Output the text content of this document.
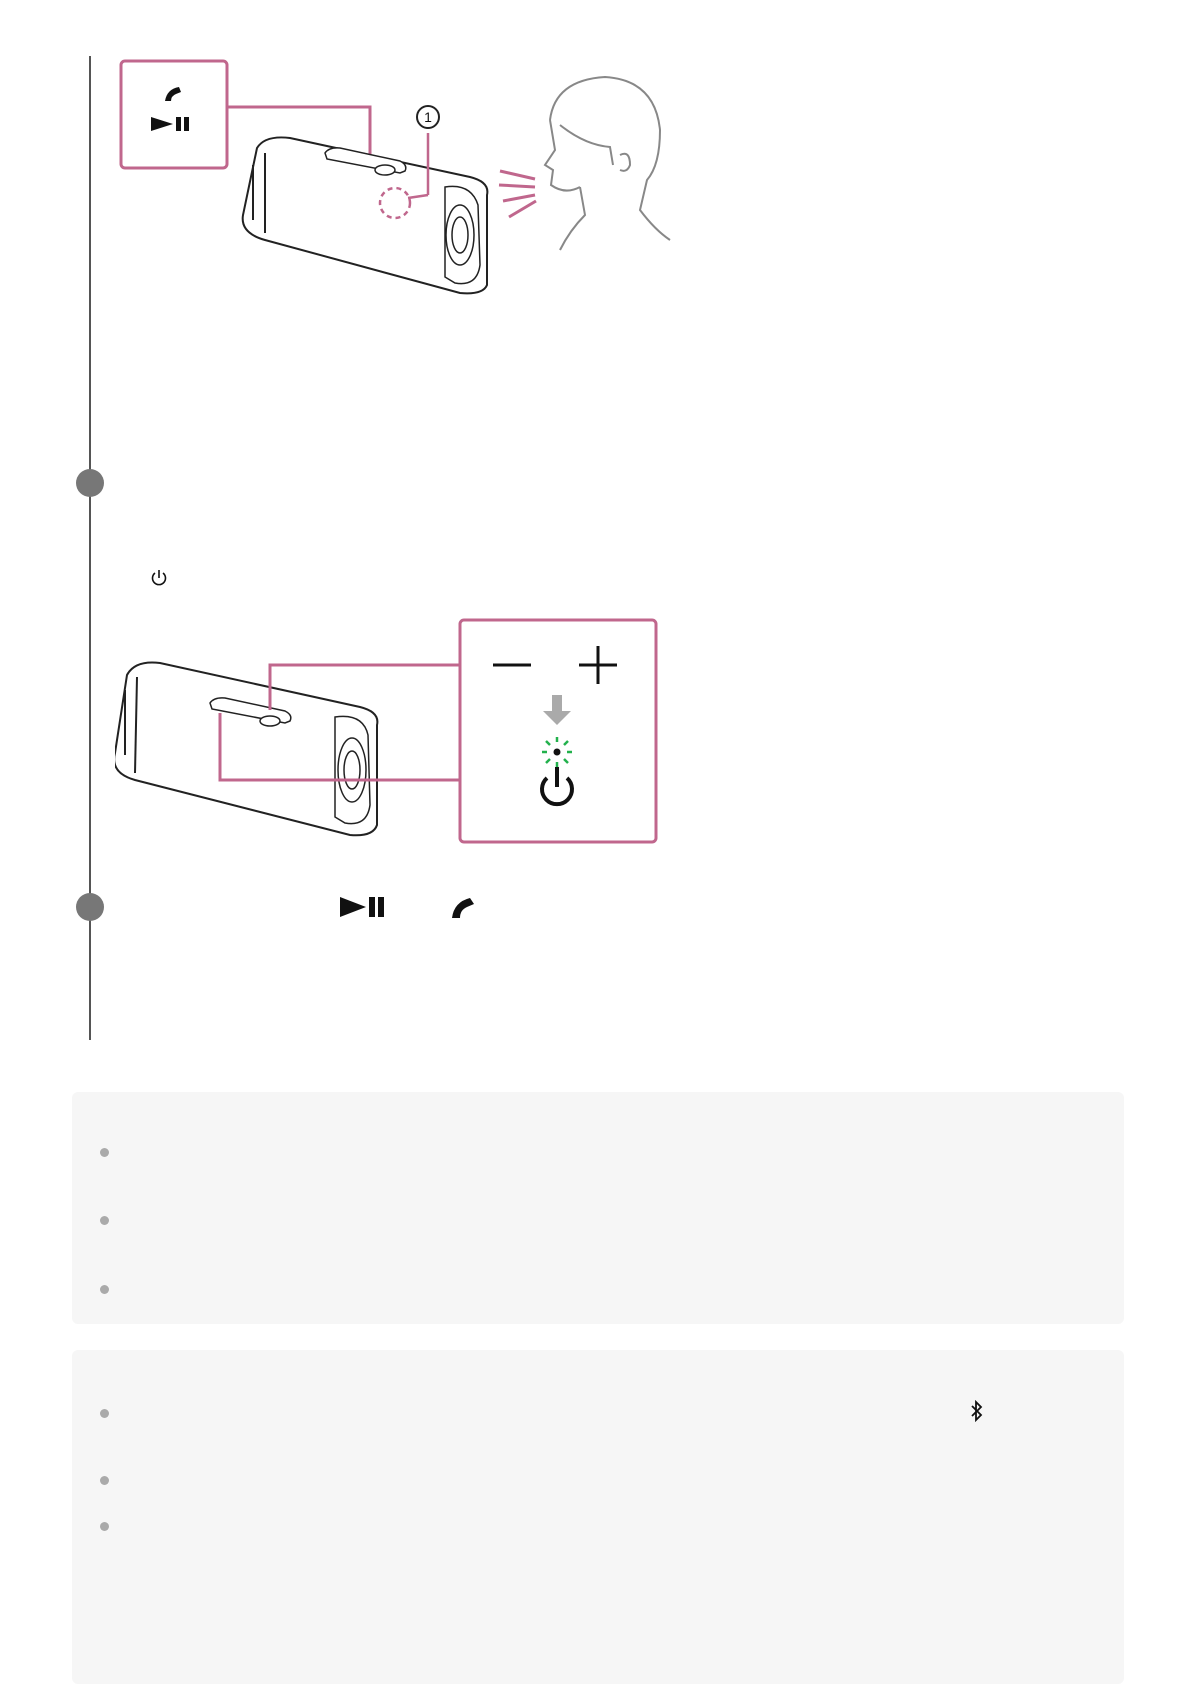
1
